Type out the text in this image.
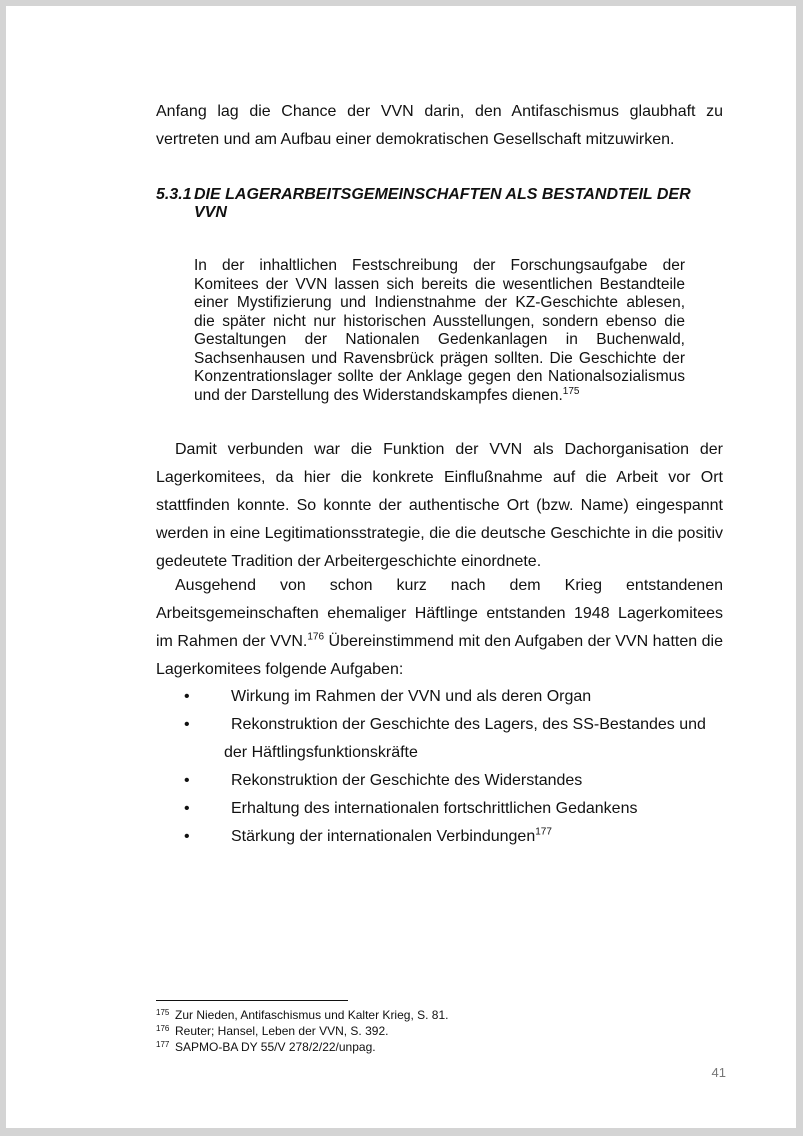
Anfang lag die Chance der VVN darin, den Antifaschismus glaubhaft zu vertreten und am Aufbau einer demokratischen Gesellschaft mitzuwirken.

5.3.1 DIE LAGERARBEITSGEMEINSCHAFTEN ALS BESTANDTEIL DER VVN
In der inhaltlichen Festschreibung der Forschungsaufgabe der Komitees der VVN lassen sich bereits die wesentlichen Bestandteile einer Mystifizierung und Indienstnahme der KZ-Geschichte ablesen, die später nicht nur historischen Ausstellungen, sondern ebenso die Gestaltungen der Nationalen Gedenkanlagen in Buchenwald, Sachsenhausen und Ravensbrück prägen sollten. Die Geschichte der Konzentrationslager sollte der Anklage gegen den Nationalsozialismus und der Darstellung des Widerstandskampfes dienen.$^{175}$

Damit verbunden war die Funktion der VVN als Dachorganisation der Lagerkomitees, da hier die konkrete Einflußnahme auf die Arbeit vor Ort stattfinden konnte. So konnte der authentische Ort (bzw. Name) eingespannt werden in eine Legitimationsstrategie, die die deutsche Geschichte in die positiv gedeutete Tradition der Arbeitergeschichte einordnete.

Ausgehend von schon kurz nach dem Krieg entstandenen Arbeitsgemeinschaften ehemaliger Häftlinge entstanden 1948 Lagerkomitees im Rahmen der VVN.$^{176}$ Übereinstimmend mit den Aufgaben der VVN hatten die Lagerkomitees folgende Aufgaben:

•	Wirkung im Rahmen der VVN und als deren Organ
•	Rekonstruktion der Geschichte des Lagers, des SS-Bestandes und
der Häftlingsfunktionskräfte
•	Rekonstruktion der Geschichte des Widerstandes
•	Erhaltung des internationalen fortschrittlichen Gedankens
•	Stärkung der internationalen Verbindungen$^{177}$
175 Zur Nieden, Antifaschismus und Kalter Krieg, S. 81.
176 Reuter; Hansel, Leben der VVN, S. 392.
177 SAPMO-BA DY 55/V 278/2/22/unpag.
41
